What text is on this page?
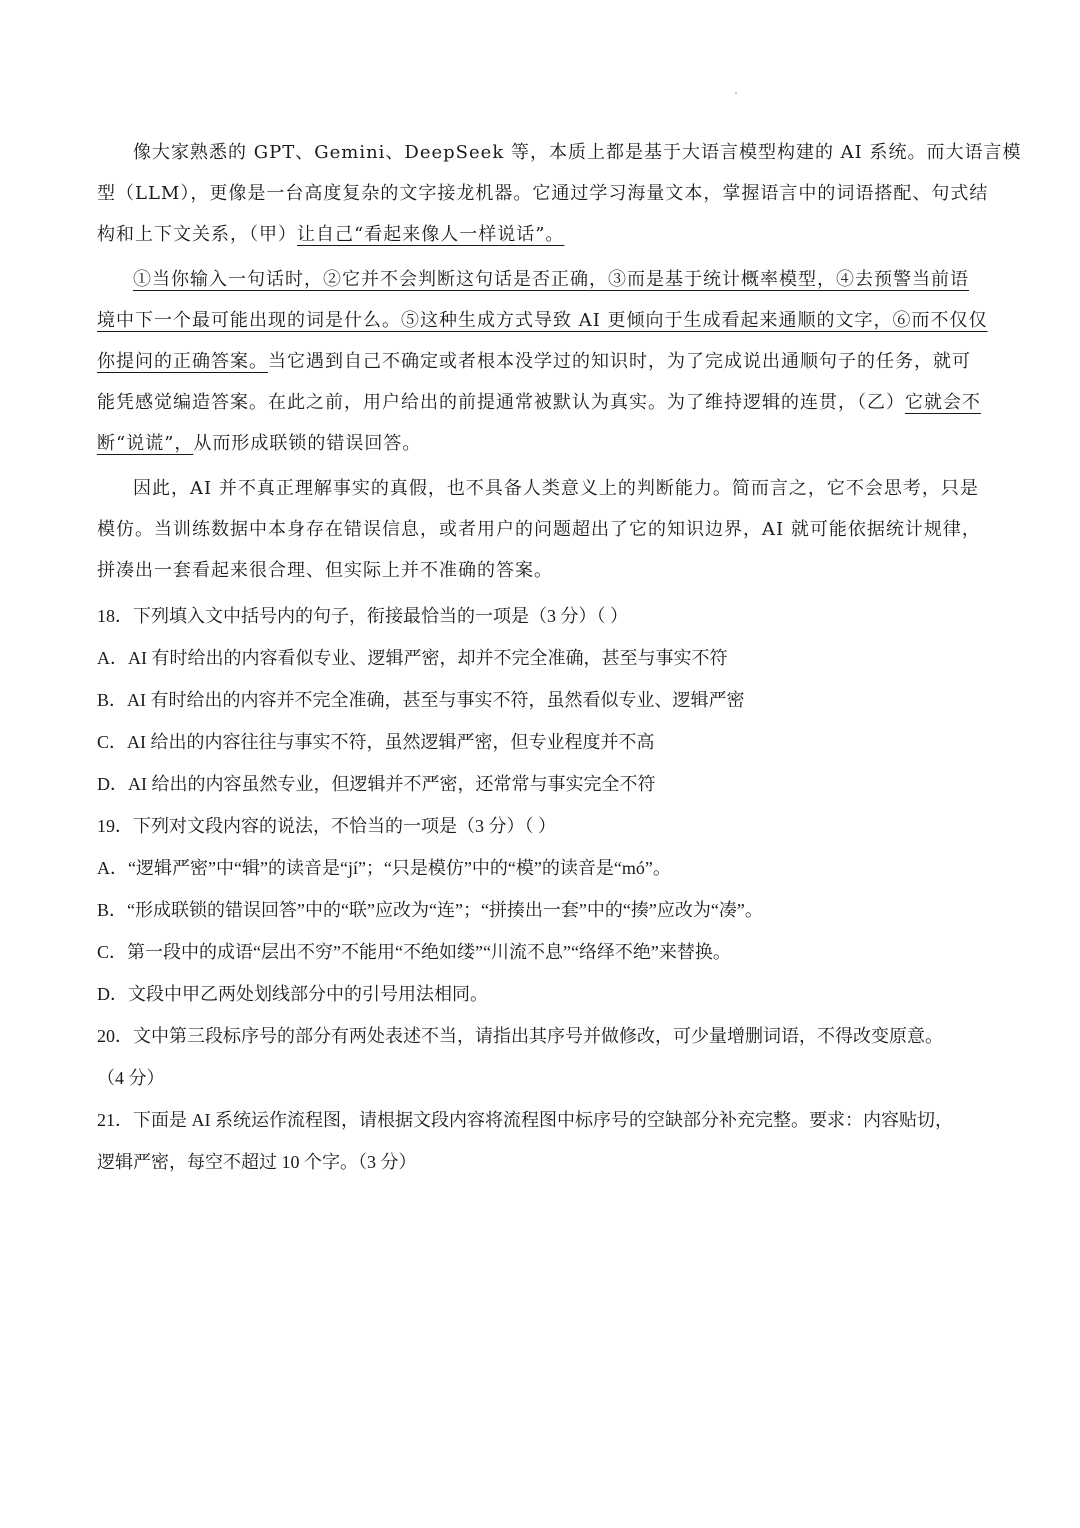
像大家熟悉的 GPT、Gemini、DeepSeek 等，本质上都是基于大语言模型构建的 AI 系统。而大语言模
型（LLM），更像是一台高度复杂的文字接龙机器。它通过学习海量文本，掌握语言中的词语搭配、句式结
构和上下文关系，（甲）让自己“看起来像人一样说话”。
①当你输入一句话时，②它并不会判断这句话是否正确，③而是基于统计概率模型，④去预警当前语
境中下一个最可能出现的词是什么。⑤这种生成方式导致 AI 更倾向于生成看起来通顺的文字，⑥而不仅仅
你提问的正确答案。当它遇到自己不确定或者根本没学过的知识时，为了完成说出通顺句子的任务，就可
能凭感觉编造答案。在此之前，用户给出的前提通常被默认为真实。为了维持逻辑的连贯，（乙）它就会不
断“说谎”，从而形成联锁的错误回答。
因此，AI 并不真正理解事实的真假，也不具备人类意义上的判断能力。简而言之，它不会思考，只是
模仿。当训练数据中本身存在错误信息，或者用户的问题超出了它的知识边界，AI 就可能依据统计规律，
拼凑出一套看起来很合理、但实际上并不准确的答案。

18．下列填入文中括号内的句子，衔接最恰当的一项是（3 分）（ ）

A．AI 有时给出的内容看似专业、逻辑严密，却并不完全准确，甚至与事实不符

B．AI 有时给出的内容并不完全准确，甚至与事实不符，虽然看似专业、逻辑严密

C．AI 给出的内容往往与事实不符，虽然逻辑严密，但专业程度并不高

D．AI 给出的内容虽然专业，但逻辑并不严密，还常常与事实完全不符

19．下列对文段内容的说法，不恰当的一项是（3 分）（ ）

A．“逻辑严密”中“辑”的读音是“jí”；“只是模仿”中的“模”的读音是“mó”。

B．“形成联锁的错误回答”中的“联”应改为“连”；“拼揍出一套”中的“揍”应改为“凑”。

C．第一段中的成语“层出不穷”不能用“不绝如缕”“川流不息”“络绎不绝”来替换。

D．文段中甲乙两处划线部分中的引号用法相同。

20．文中第三段标序号的部分有两处表述不当，请指出其序号并做修改，可少量增删词语，不得改变原意。

（4 分）

21．下面是 AI 系统运作流程图，请根据文段内容将流程图中标序号的空缺部分补充完整。要求：内容贴切，

逻辑严密，每空不超过 10 个字。（3 分）
